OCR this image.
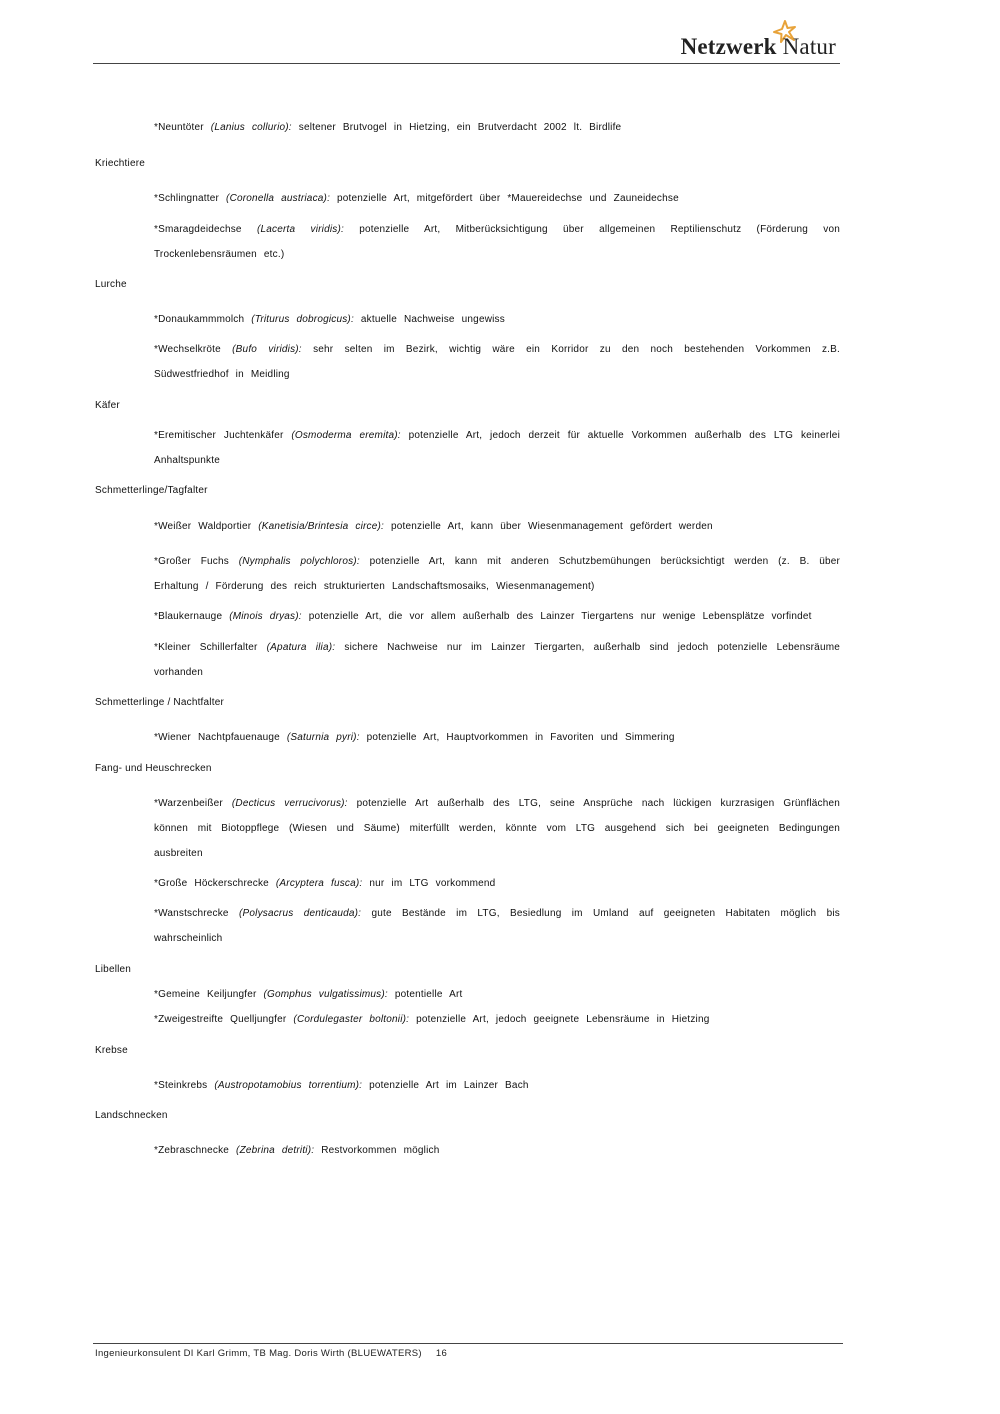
Netzwerk Natur
*Neuntöter (Lanius collurio): seltener Brutvogel in Hietzing, ein Brutverdacht 2002 lt. Birdlife
Kriechtiere
*Schlingnatter (Coronella austriaca): potenzielle Art, mitgefördert über *Mauereidechse und Zauneidechse
*Smaragdeidechse (Lacerta viridis): potenzielle Art, Mitberücksichtigung über allgemeinen Reptilienschutz (Förderung von Trockenlebensräumen etc.)
Lurche
*Donaukammmolch (Triturus dobrogicus): aktuelle Nachweise ungewiss
*Wechselkröte (Bufo viridis): sehr selten im Bezirk, wichtig wäre ein Korridor zu den noch bestehenden Vorkommen z.B. Südwestfriedhof in Meidling
Käfer
*Eremitischer Juchtenkäfer (Osmoderma eremita): potenzielle Art, jedoch derzeit für aktuelle Vorkommen außerhalb des LTG keinerlei Anhaltspunkte
Schmetterlinge/Tagfalter
*Weißer Waldportier (Kanetisia/Brintesia circe): potenzielle Art, kann über Wiesenmanagement gefördert werden
*Großer Fuchs (Nymphalis polychloros): potenzielle Art, kann mit anderen Schutzbemühungen berücksichtigt werden (z. B. über Erhaltung / Förderung des reich strukturierten Landschaftsmosaiks, Wiesenmanagement)
*Blaukernauge (Minois dryas): potenzielle Art, die vor allem außerhalb des Lainzer Tiergartens nur wenige Lebensplätze vorfindet
*Kleiner Schillerfalter (Apatura ilia): sichere Nachweise nur im Lainzer Tiergarten, außerhalb sind jedoch potenzielle Lebensräume vorhanden
Schmetterlinge / Nachtfalter
*Wiener Nachtpfauenauge (Saturnia pyri): potenzielle Art, Hauptvorkommen in Favoriten und Simmering
Fang- und Heuschrecken
*Warzenbeißer (Decticus verrucivorus): potenzielle Art außerhalb des LTG, seine Ansprüche nach lückigen kurzrasigen Grünflächen können mit Biotoppflege (Wiesen und Säume) miterfüllt werden, könnte vom LTG ausgehend sich bei geeigneten Bedingungen ausbreiten
*Große Höckerschrecke (Arcyptera fusca): nur im LTG vorkommend
*Wanstschrecke (Polysacrus denticauda): gute Bestände im LTG, Besiedlung im Umland auf geeigneten Habitaten möglich bis wahrscheinlich
Libellen
*Gemeine Keiljungfer (Gomphus vulgatissimus): potentielle Art
*Zweigestreifte Quelljungfer (Cordulegaster boltonii): potenzielle Art, jedoch geeignete Lebensräume in Hietzing
Krebse
*Steinkrebs (Austropotamobius torrentium): potenzielle Art im Lainzer Bach
Landschnecken
*Zebraschnecke (Zebrina detriti): Restvorkommen möglich
Ingenieurkonsulent DI Karl Grimm, TB Mag. Doris Wirth (BLUEWATERS) 16
